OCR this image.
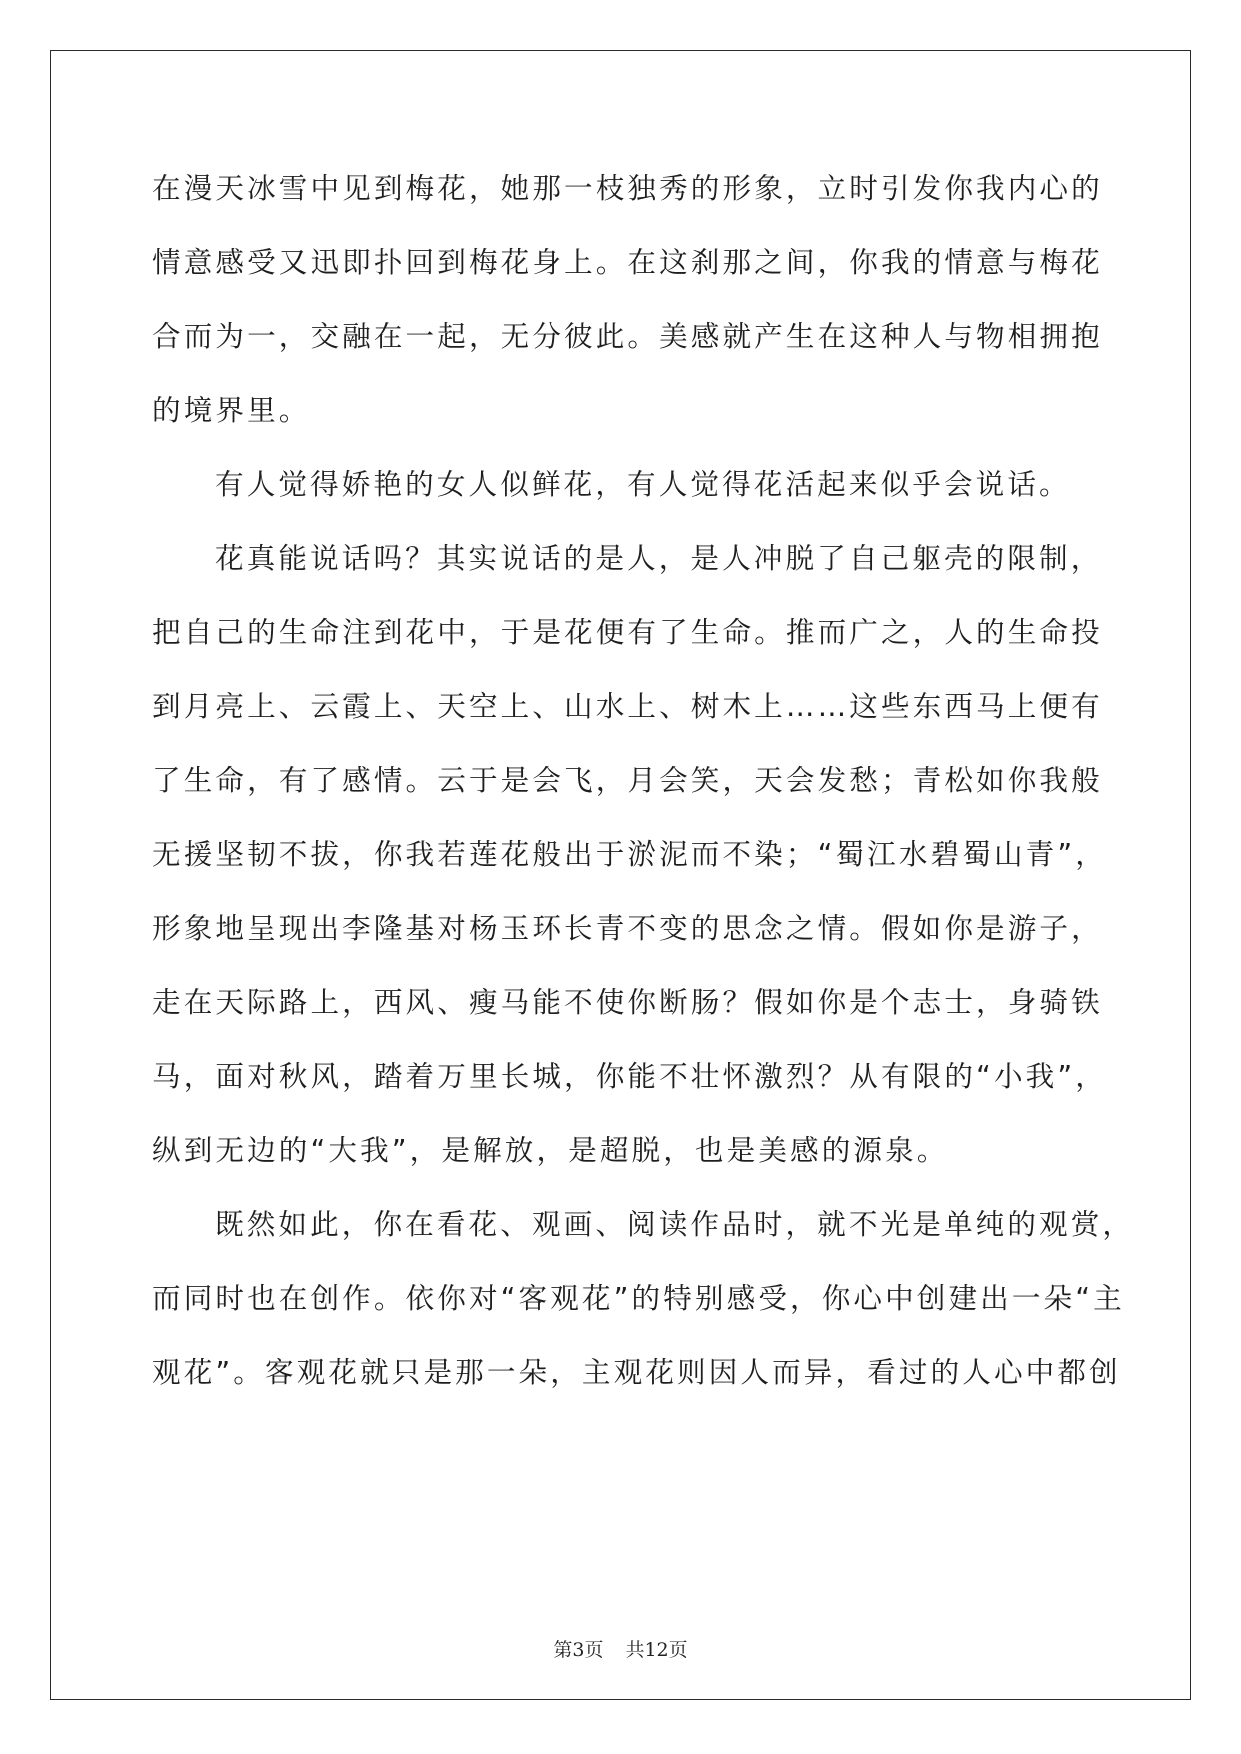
在漫天冰雪中见到梅花，她那一枝独秀的形象，立时引发你我内心的
情意感受又迅即扑回到梅花身上。在这刹那之间，你我的情意与梅花
合而为一，交融在一起，无分彼此。美感就产生在这种人与物相拥抱
的境界里。
有人觉得娇艳的女人似鲜花，有人觉得花活起来似乎会说话。
花真能说话吗？其实说话的是人，是人冲脱了自己躯壳的限制，
把自己的生命注到花中，于是花便有了生命。推而广之，人的生命投
到月亮上、云霞上、天空上、山水上、树木上……这些东西马上便有
了生命，有了感情。云于是会飞，月会笑，天会发愁；青松如你我般
无援坚韧不拔，你我若莲花般出于淤泥而不染；“蜀江水碧蜀山青”，
形象地呈现出李隆基对杨玉环长青不变的思念之情。假如你是游子，
走在天际路上，西风、瘦马能不使你断肠？假如你是个志士，身骑铁
马，面对秋风，踏着万里长城，你能不壮怀激烈？从有限的“小我”，
纵到无边的“大我”，是解放，是超脱，也是美感的源泉。
既然如此，你在看花、观画、阅读作品时，就不光是单纯的观赏，
而同时也在创作。依你对“客观花”的特别感受，你心中创建出一朵“主
观花”。客观花就只是那一朵，主观花则因人而异，看过的人心中都创
第3页 共12页
